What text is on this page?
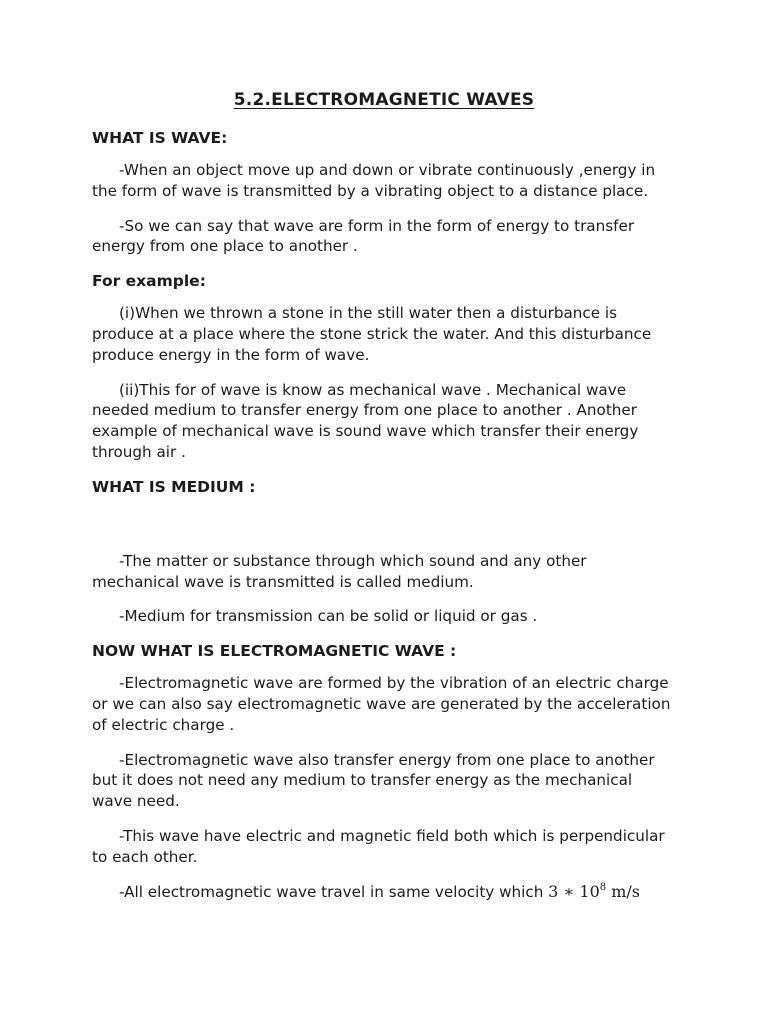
5.2.ELECTROMAGNETIC WAVES
WHAT IS WAVE:

-When an object move up and down or vibrate continuously ,energy in the form of wave is transmitted by a vibrating object to a distance place.

-So we can say that wave are form in the form of energy to transfer energy from one place to another .

For example:

(i)When we thrown a stone in the still water then a disturbance is produce at a place where the stone strick the water. And this disturbance produce energy in the form of wave.

(ii)This for of wave is know as mechanical wave . Mechanical wave needed medium to transfer energy from one place to another . Another example of mechanical wave is sound wave which transfer their energy through air .

WHAT IS MEDIUM :

-The matter or substance through which sound and any other mechanical wave is transmitted is called medium.

-Medium for transmission can be solid or liquid or gas .

NOW WHAT IS ELECTROMAGNETIC WAVE :

-Electromagnetic wave are formed by the vibration of an electric charge or we can also say electromagnetic wave are generated by the acceleration of electric charge .

-Electromagnetic wave also transfer energy from one place to another but it does not need any medium to transfer energy as the mechanical wave need.

-This wave have electric and magnetic field both which is perpendicular to each other.

-All electromagnetic wave travel in same velocity which 3 ∗ $10^8$ m/s
